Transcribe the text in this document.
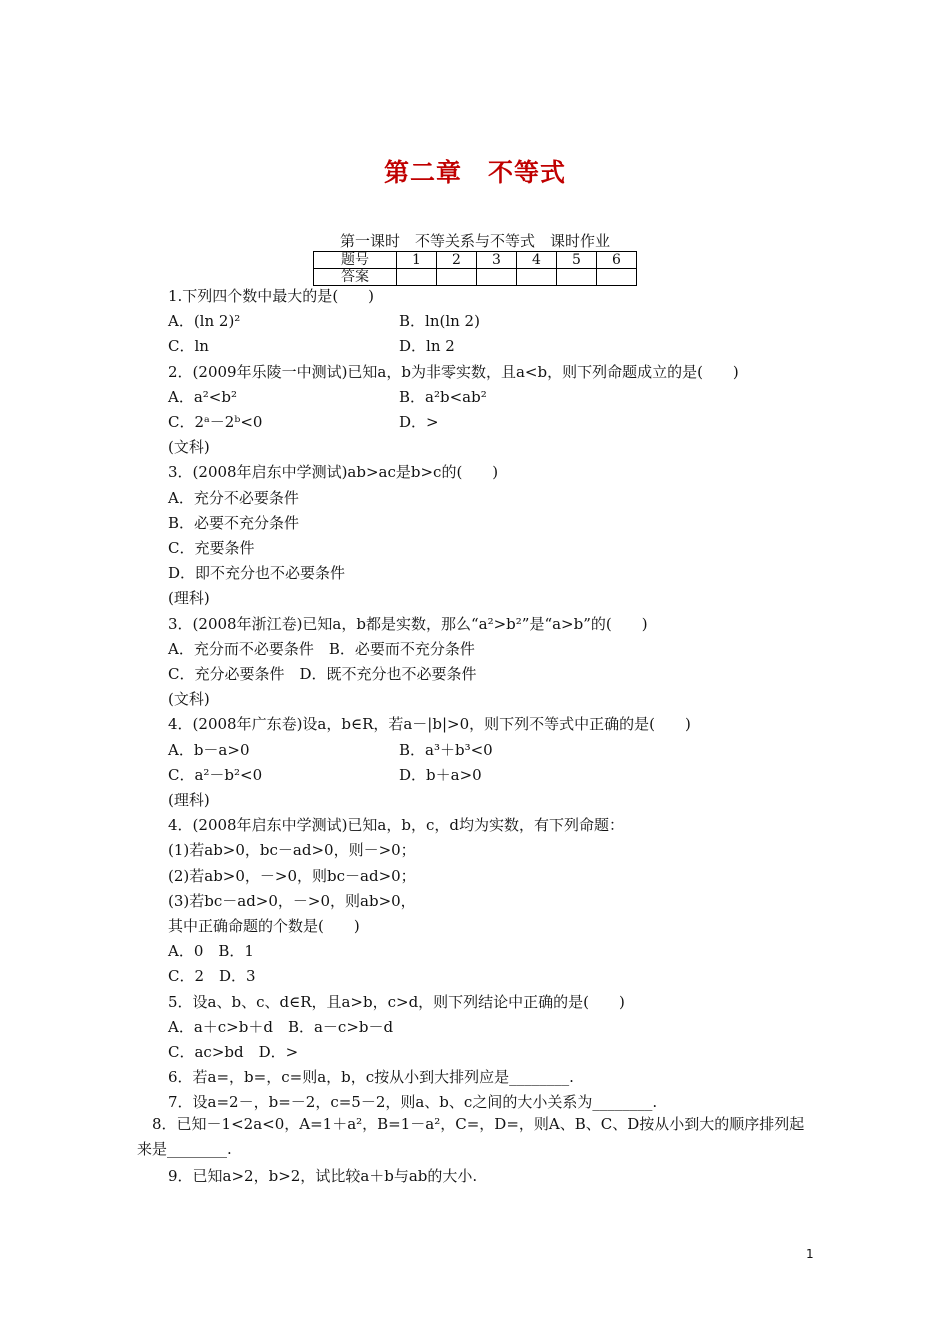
第二章　不等式
第一课时　不等关系与不等式　课时作业
题号	1	2	3	4	5	6
答案						
1.下列四个数中最大的是(　　)
A．(ln 2)²	B．ln(ln 2)
C．ln	D．ln 2
2．(2009年乐陵一中测试)已知a，b为非零实数，且a<b，则下列命题成立的是(　　)
A．a²<b²	B．a²b<ab²
C．2ᵃ－2ᵇ<0	D．>
(文科)
3．(2008年启东中学测试)ab>ac是b>c的(　　)
A．充分不必要条件
B．必要不充分条件
C．充要条件
D．即不充分也不必要条件
(理科)
3．(2008年浙江卷)已知a，b都是实数，那么“a²>b²”是“a>b”的(　　)
A．充分而不必要条件　B．必要而不充分条件
C．充分必要条件　D．既不充分也不必要条件
(文科)
4．(2008年广东卷)设a，b∈R，若a－|b|>0，则下列不等式中正确的是(　　)
A．b－a>0	B．a³＋b³<0
C．a²－b²<0	D．b＋a>0
(理科)
4．(2008年启东中学测试)已知a，b，c，d均为实数，有下列命题：
(1)若ab>0，bc－ad>0，则－>0；
(2)若ab>0，－>0，则bc－ad>0；
(3)若bc－ad>0，－>0，则ab>0，
其中正确命题的个数是(　　)
A．0　B．1
C．2　D．3
5．设a、b、c、d∈R，且a>b，c>d，则下列结论中正确的是(　　)
A．a＋c>b＋d　B．a－c>b－d
C．ac>bd　D．>
6．若a=，b=，c=则a，b，c按从小到大排列应是________.
7．设a=2－，b=－2，c=5－2，则a、b、c之间的大小关系为________.
　8．已知－1<2a<0，A=1＋a²，B=1－a²，C=，D=，则A、B、C、D按从小到大的顺序排列起来是________.
9．已知a>2，b>2，试比较a＋b与ab的大小.
1
